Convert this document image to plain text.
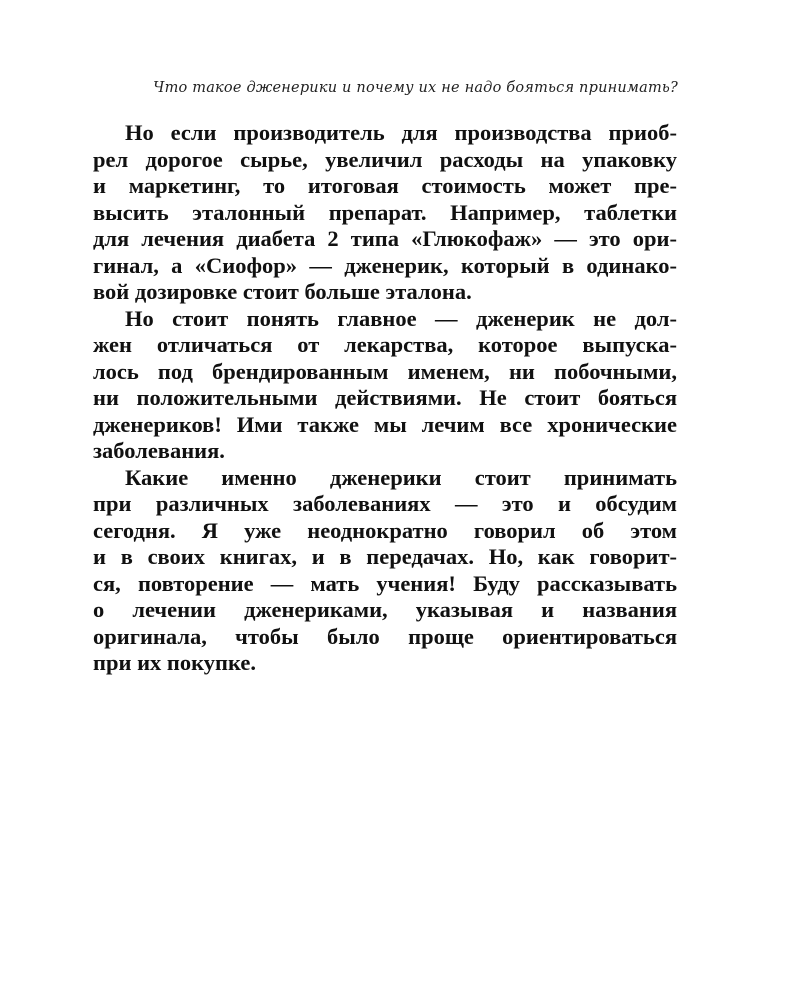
Что такое дженерики и почему их не надо бояться принимать?
Но если производитель для производства приоб-
рел дорогое сырье, увеличил расходы на упаковку
и маркетинг, то итоговая стоимость может пре-
высить эталонный препарат. Например, таблетки
для лечения диабета 2 типа «Глюкофаж» — это ори-
гинал, а «Сиофор» — дженерик, который в одинако-
вой дозировке стоит больше эталона.
Но стоит понять главное — дженерик не дол-
жен отличаться от лекарства, которое выпуска-
лось под брендированным именем, ни побочными,
ни положительными действиями. Не стоит бояться
дженериков! Ими также мы лечим все хронические
заболевания.
Какие именно дженерики стоит принимать
при различных заболеваниях — это и обсудим
сегодня. Я уже неоднократно говорил об этом
и в своих книгах, и в передачах. Но, как говорит-
ся, повторение — мать учения! Буду рассказывать
о лечении дженериками, указывая и названия
оригинала, чтобы было проще ориентироваться
при их покупке.
